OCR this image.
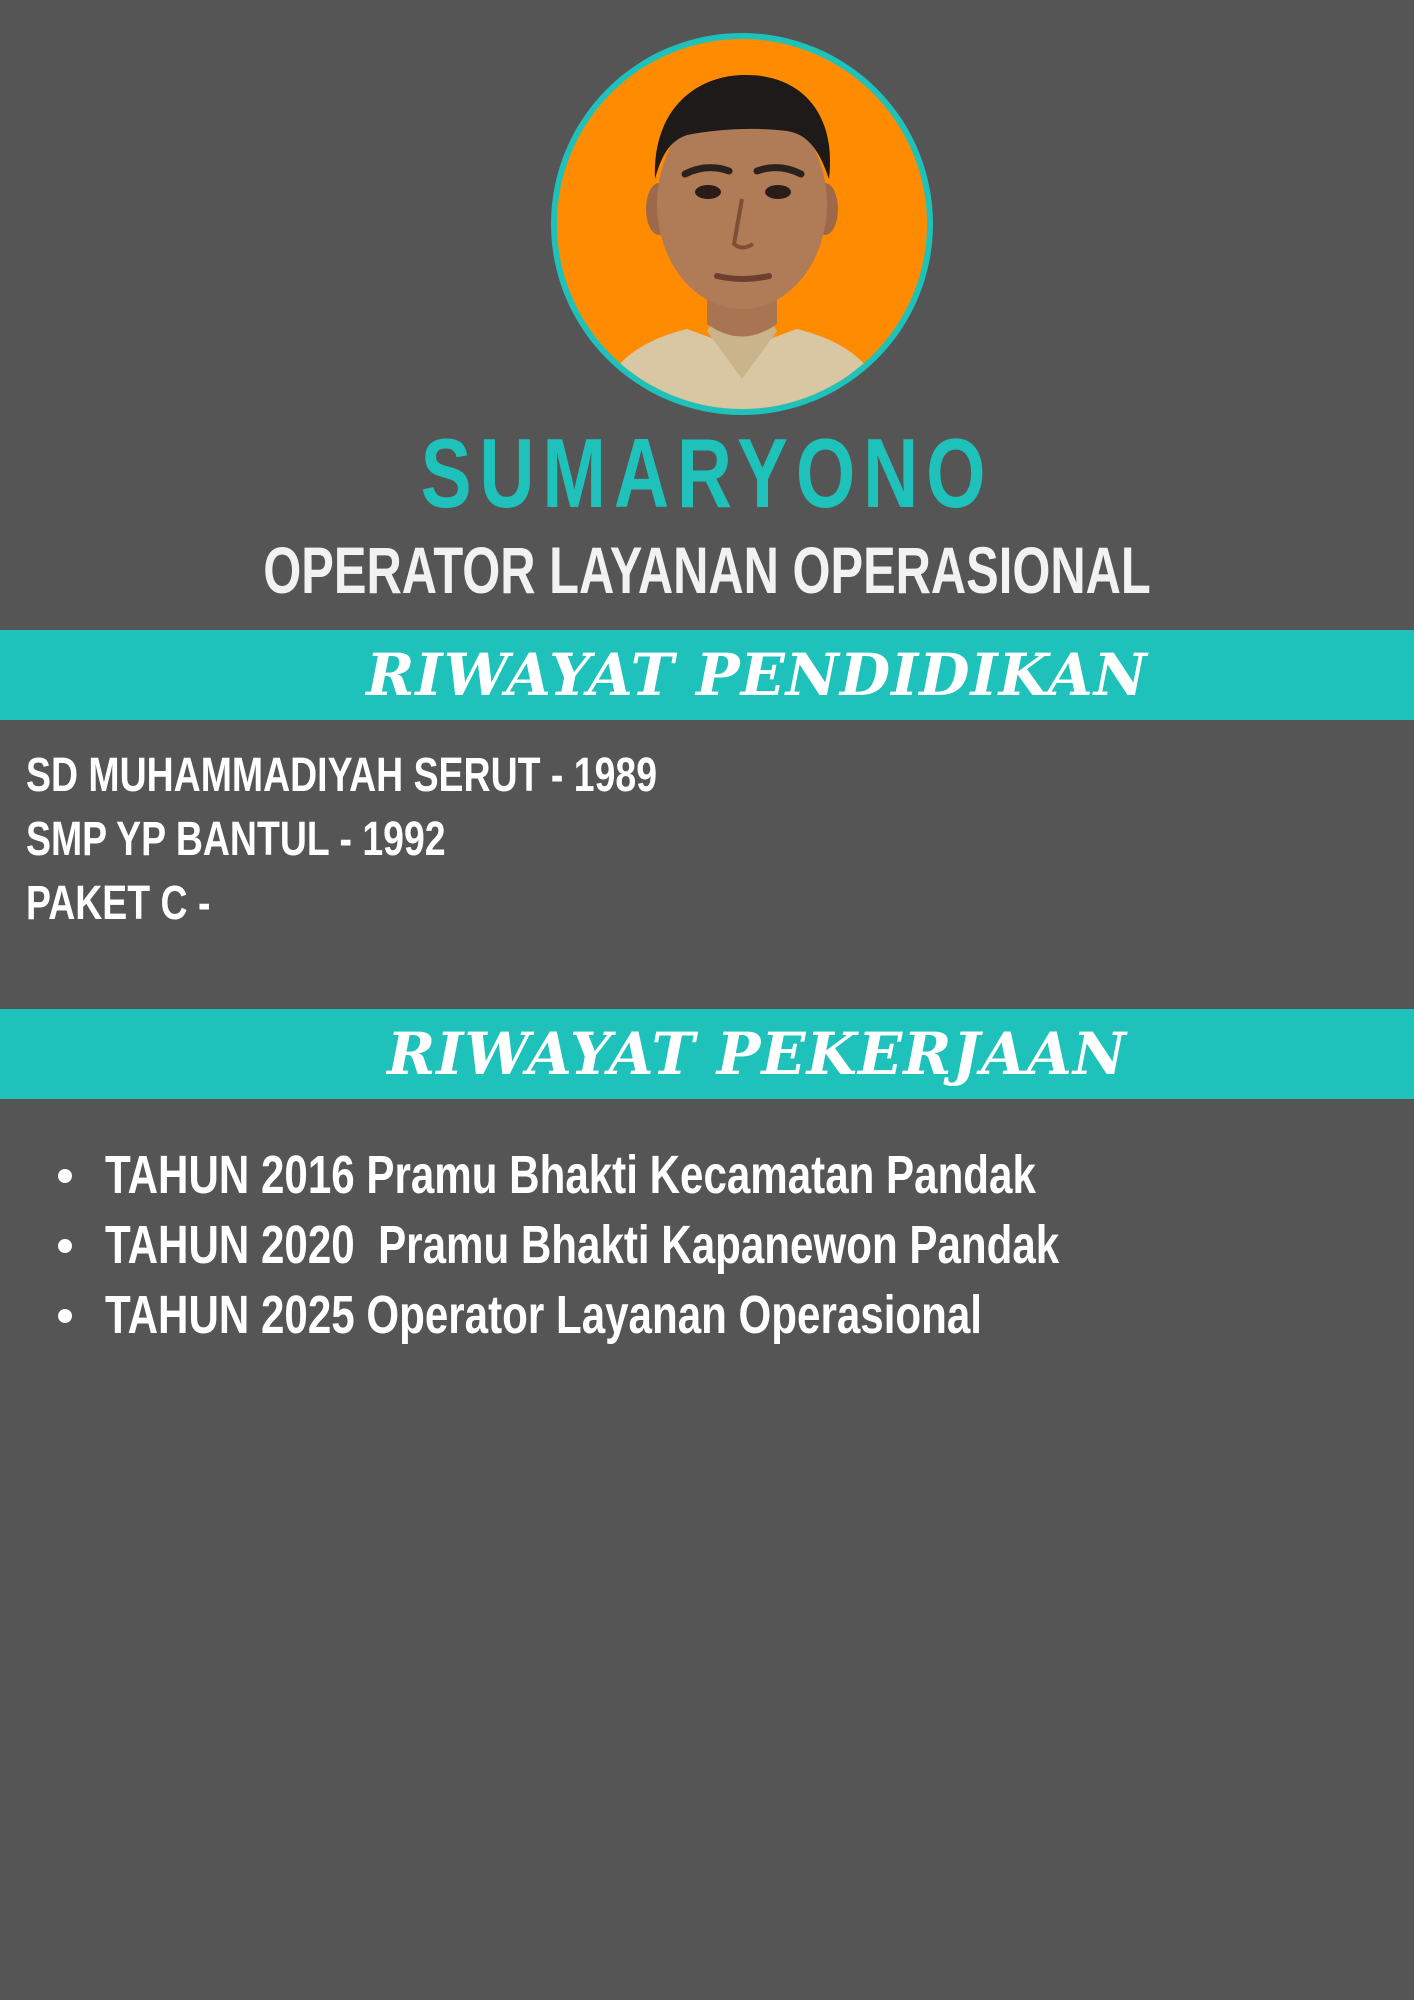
SUMARYONO
OPERATOR LAYANAN OPERASIONAL
RIWAYAT PENDIDIKAN
SD MUHAMMADIYAH SERUT - 1989
SMP YP BANTUL - 1992
PAKET C -
RIWAYAT PEKERJAAN
TAHUN 2016 Pramu Bhakti Kecamatan Pandak
TAHUN 2020  Pramu Bhakti Kapanewon Pandak
TAHUN 2025 Operator Layanan Operasional
